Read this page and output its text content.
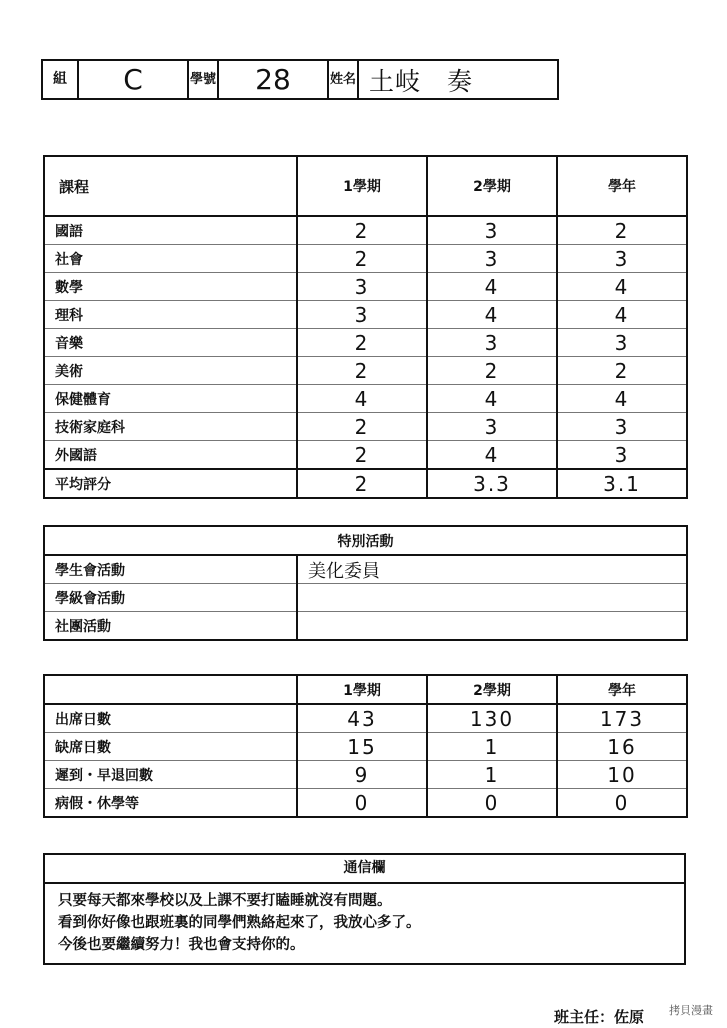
組	C	學號	28	姓名	土岐　奏
課程	1學期	2學期	學年
國語	2	3	2
社會	2	3	3
數學	3	4	4
理科	3	4	4
音樂	2	3	3
美術	2	2	2
保健體育	4	4	4
技術家庭科	2	3	3
外國語	2	4	3
平均評分	2	3.3	3.1
特別活動	
學生會活動	美化委員
學級會活動	
社團活動	
	1學期	2學期	學年
出席日數	43	130	173
缺席日數	15	1	16
遲到・早退回數	9	1	10
病假・休學等	0	0	0
通信欄
只要每天都來學校以及上課不要打瞌睡就沒有問題。
看到你好像也跟班裏的同學們熟絡起來了，我放心多了。
今後也要繼續努力！我也會支持你的。
班主任：佐原 拷貝漫畫
